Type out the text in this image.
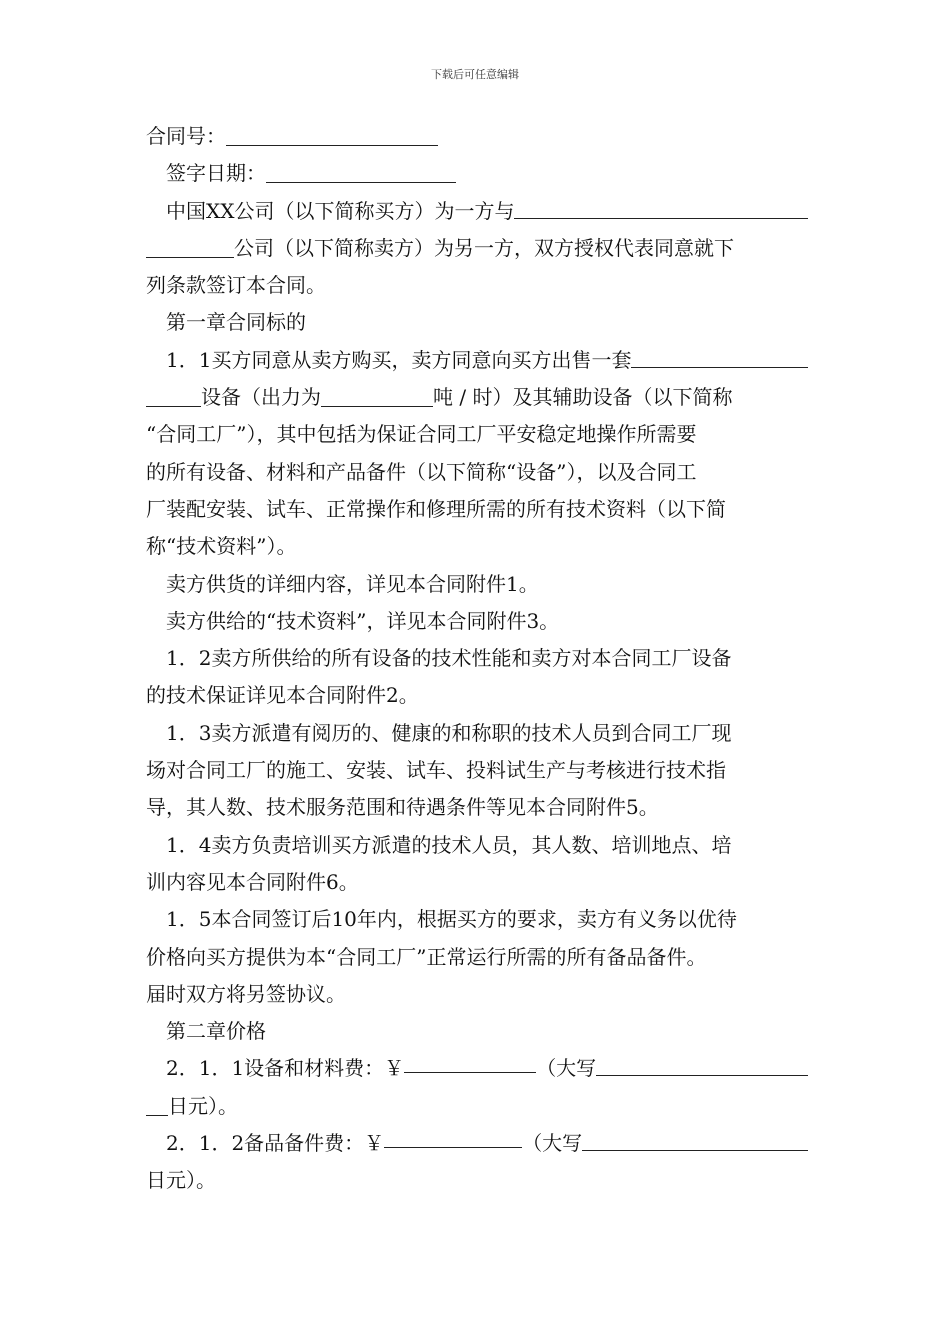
下载后可任意编辑
合同号：
签字日期：
中国XX公司（以下简称买方）为一方与
公司（以下简称卖方）为另一方，双方授权代表同意就下
列条款签订本合同。
第一章合同标的
1．1买方同意从卖方购买，卖方同意向买方出售一套
设备（出力为	吨 / 时）及其辅助设备（以下简称
“合同工厂”），其中包括为保证合同工厂平安稳定地操作所需要
的所有设备、材料和产品备件（以下简称“设备”），以及合同工
厂装配安装、试车、正常操作和修理所需的所有技术资料（以下简
称“技术资料”）。
卖方供货的详细内容，详见本合同附件1。
卖方供给的“技术资料”，详见本合同附件3。
1．2卖方所供给的所有设备的技术性能和卖方对本合同工厂设备
的技术保证详见本合同附件2。
1．3卖方派遣有阅历的、健康的和称职的技术人员到合同工厂现
场对合同工厂的施工、安装、试车、投料试生产与考核进行技术指
导，其人数、技术服务范围和待遇条件等见本合同附件5。
1．4卖方负责培训买方派遣的技术人员，其人数、培训地点、培
训内容见本合同附件6。
1．5本合同签订后10年内，根据买方的要求，卖方有义务以优待
价格向买方提供为本“合同工厂”正常运行所需的所有备品备件。
届时双方将另签协议。
第二章价格
2．1．1设备和材料费：￥	（大写
日元）。
2．1．2备品备件费：￥	（大写
日元）。
